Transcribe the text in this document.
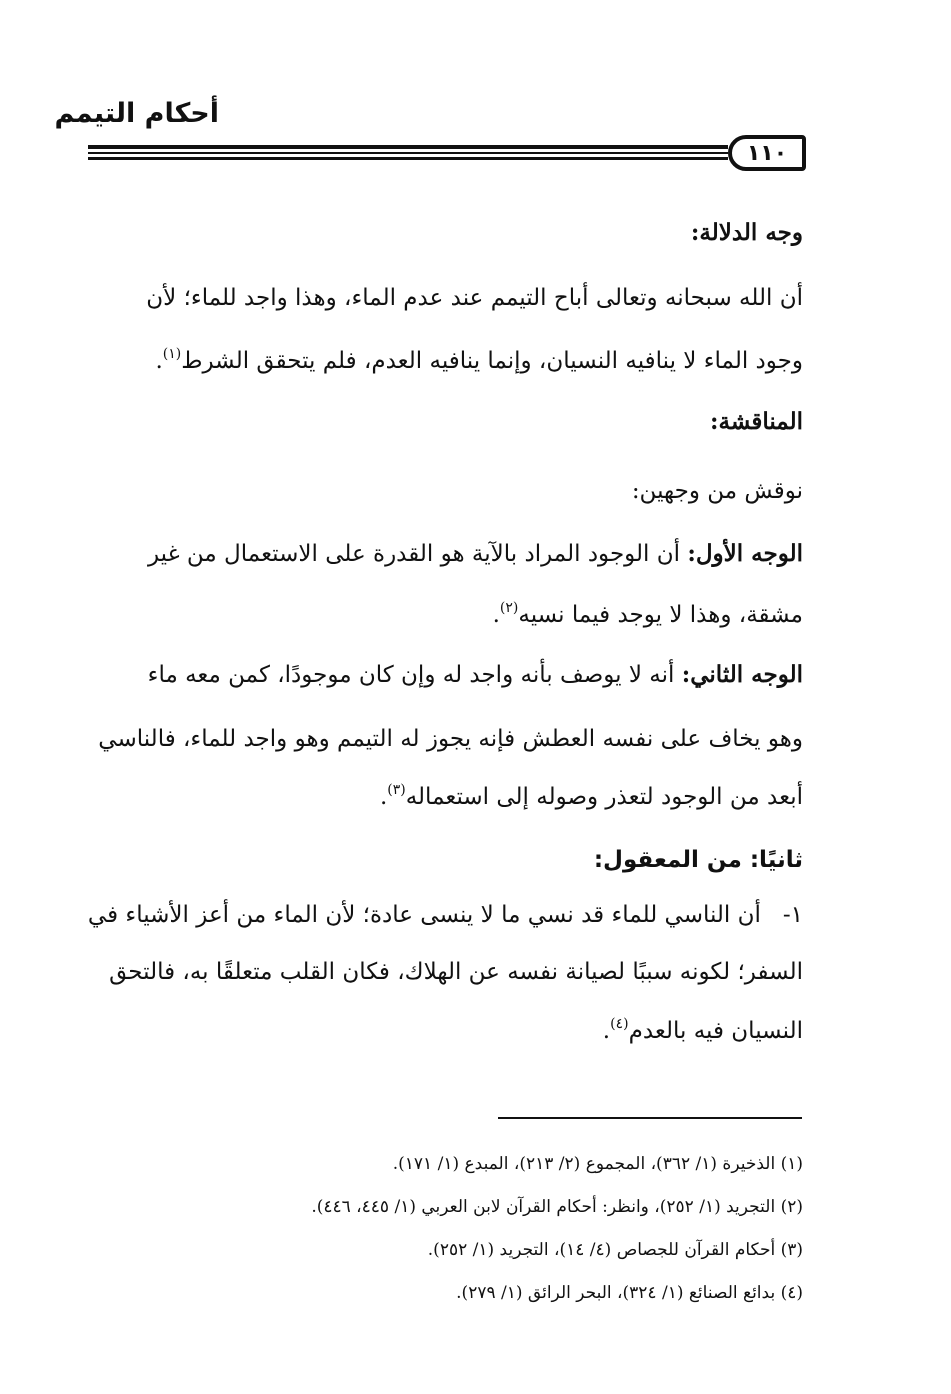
أحكام التيمم
١١٠
وجه الدلالة:
أن الله سبحانه وتعالى أباح التيمم عند عدم الماء، وهذا واجد للماء؛ لأن
وجود الماء لا ينافيه النسيان، وإنما ينافيه العدم، فلم يتحقق الشرط$^{(١)}$.
المناقشة:
نوقش من وجهين:
الوجه الأول: أن الوجود المراد بالآية هو القدرة على الاستعمال من غير
مشقة، وهذا لا يوجد فيما نسيه$^{(٢)}$.
الوجه الثاني: أنه لا يوصف بأنه واجد له وإن كان موجودًا، كمن معه ماء
وهو يخاف على نفسه العطش فإنه يجوز له التيمم وهو واجد للماء، فالناسي
أبعد من الوجود لتعذر وصوله إلى استعماله$^{(٣)}$.
ثانيًا: من المعقول:
١-   أن الناسي للماء قد نسي ما لا ينسى عادة؛ لأن الماء من أعز الأشياء في
السفر؛ لكونه سببًا لصيانة نفسه عن الهلاك، فكان القلب متعلقًا به، فالتحق
النسيان فيه بالعدم$^{(٤)}$.
(١) الذخيرة (١/ ٣٦٢)، المجموع (٢/ ٢١٣)، المبدع (١/ ١٧١).
(٢) التجريد (١/ ٢٥٢)، وانظر: أحكام القرآن لابن العربي (١/ ٤٤٥، ٤٤٦).
(٣) أحكام القرآن للجصاص (٤/ ١٤)، التجريد (١/ ٢٥٢).
(٤) بدائع الصنائع (١/ ٣٢٤)، البحر الرائق (١/ ٢٧٩).
